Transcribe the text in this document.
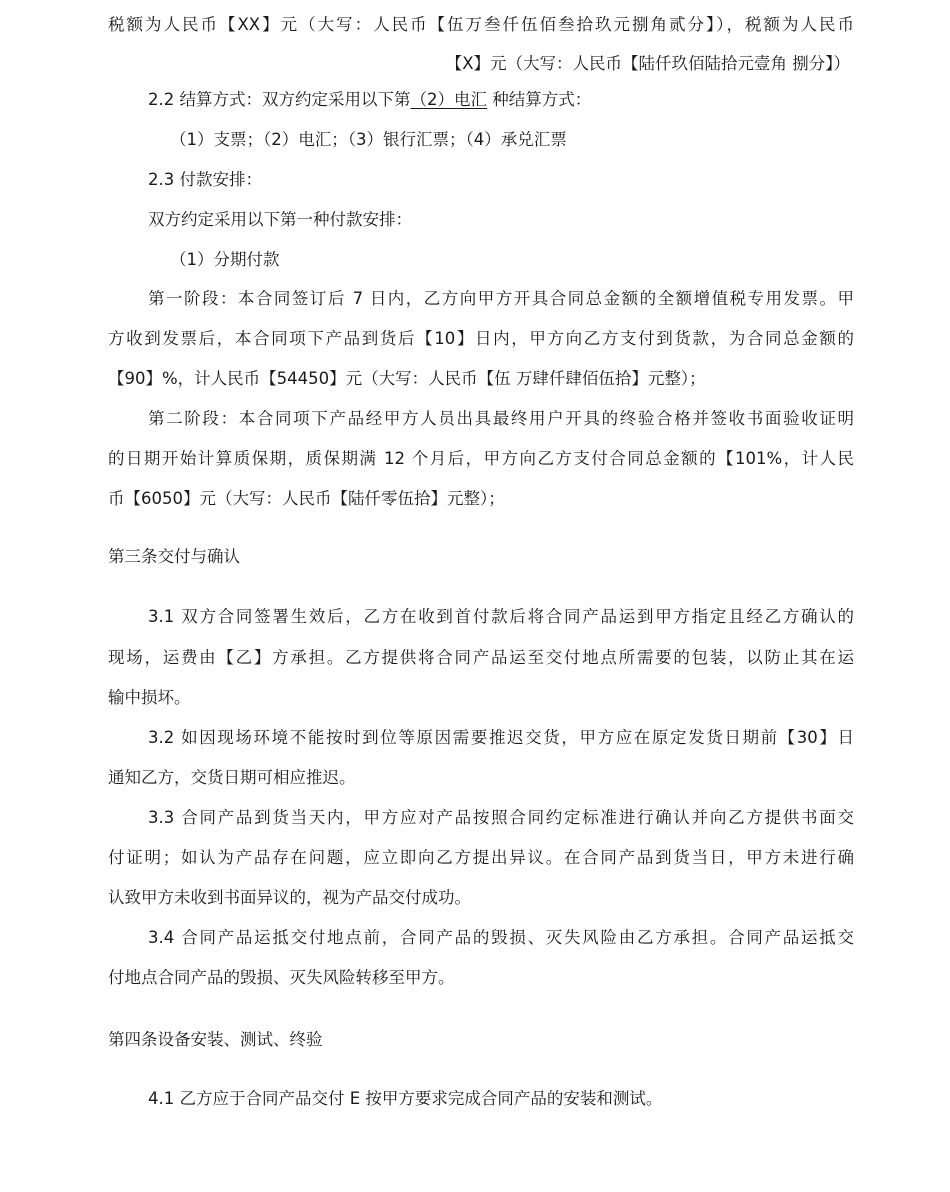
税额为人民币【XX】元（大写：人民币【伍万叁仟伍佰叁拾玖元捌角贰分】），税额为人民币
【X】元（大写：人民币【陆仟玖佰陆拾元壹角 捌分】）
2.2 结算方式：双方约定采用以下第（2）电汇 种结算方式：
（1）支票；（2）电汇；（3）银行汇票；（4）承兑汇票
2.3 付款安排：
双方约定采用以下第一种付款安排：
（1）分期付款
第一阶段：本合同签订后 7 日内，乙方向甲方开具合同总金额的全额增值税专用发票。甲
方收到发票后，本合同项下产品到货后【10】日内，甲方向乙方支付到货款，为合同总金额的
【90】%，计人民币【54450】元（大写：人民币【伍 万肆仟肆佰伍拾】元整）；
第二阶段：本合同项下产品经甲方人员出具最终用户开具的终验合格并签收书面验收证明
的日期开始计算质保期，质保期满 12 个月后，甲方向乙方支付合同总金额的【101%，计人民
币【6050】元（大写：人民币【陆仟零伍拾】元整）；
第三条交付与确认
3.1 双方合同签署生效后，乙方在收到首付款后将合同产品运到甲方指定且经乙方确认的
现场，运费由【乙】方承担。乙方提供将合同产品运至交付地点所需要的包装，以防止其在运
输中损坏。
3.2 如因现场环境不能按时到位等原因需要推迟交货，甲方应在原定发货日期前【30】日
通知乙方，交货日期可相应推迟。
3.3 合同产品到货当天内，甲方应对产品按照合同约定标准进行确认并向乙方提供书面交
付证明；如认为产品存在问题，应立即向乙方提出异议。在合同产品到货当日，甲方未进行确
认致甲方未收到书面异议的，视为产品交付成功。
3.4 合同产品运抵交付地点前，合同产品的毁损、灭失风险由乙方承担。合同产品运抵交
付地点合同产品的毁损、灭失风险转移至甲方。
第四条设备安装、测试、终验
4.1 乙方应于合同产品交付 E 按甲方要求完成合同产品的安装和测试。
